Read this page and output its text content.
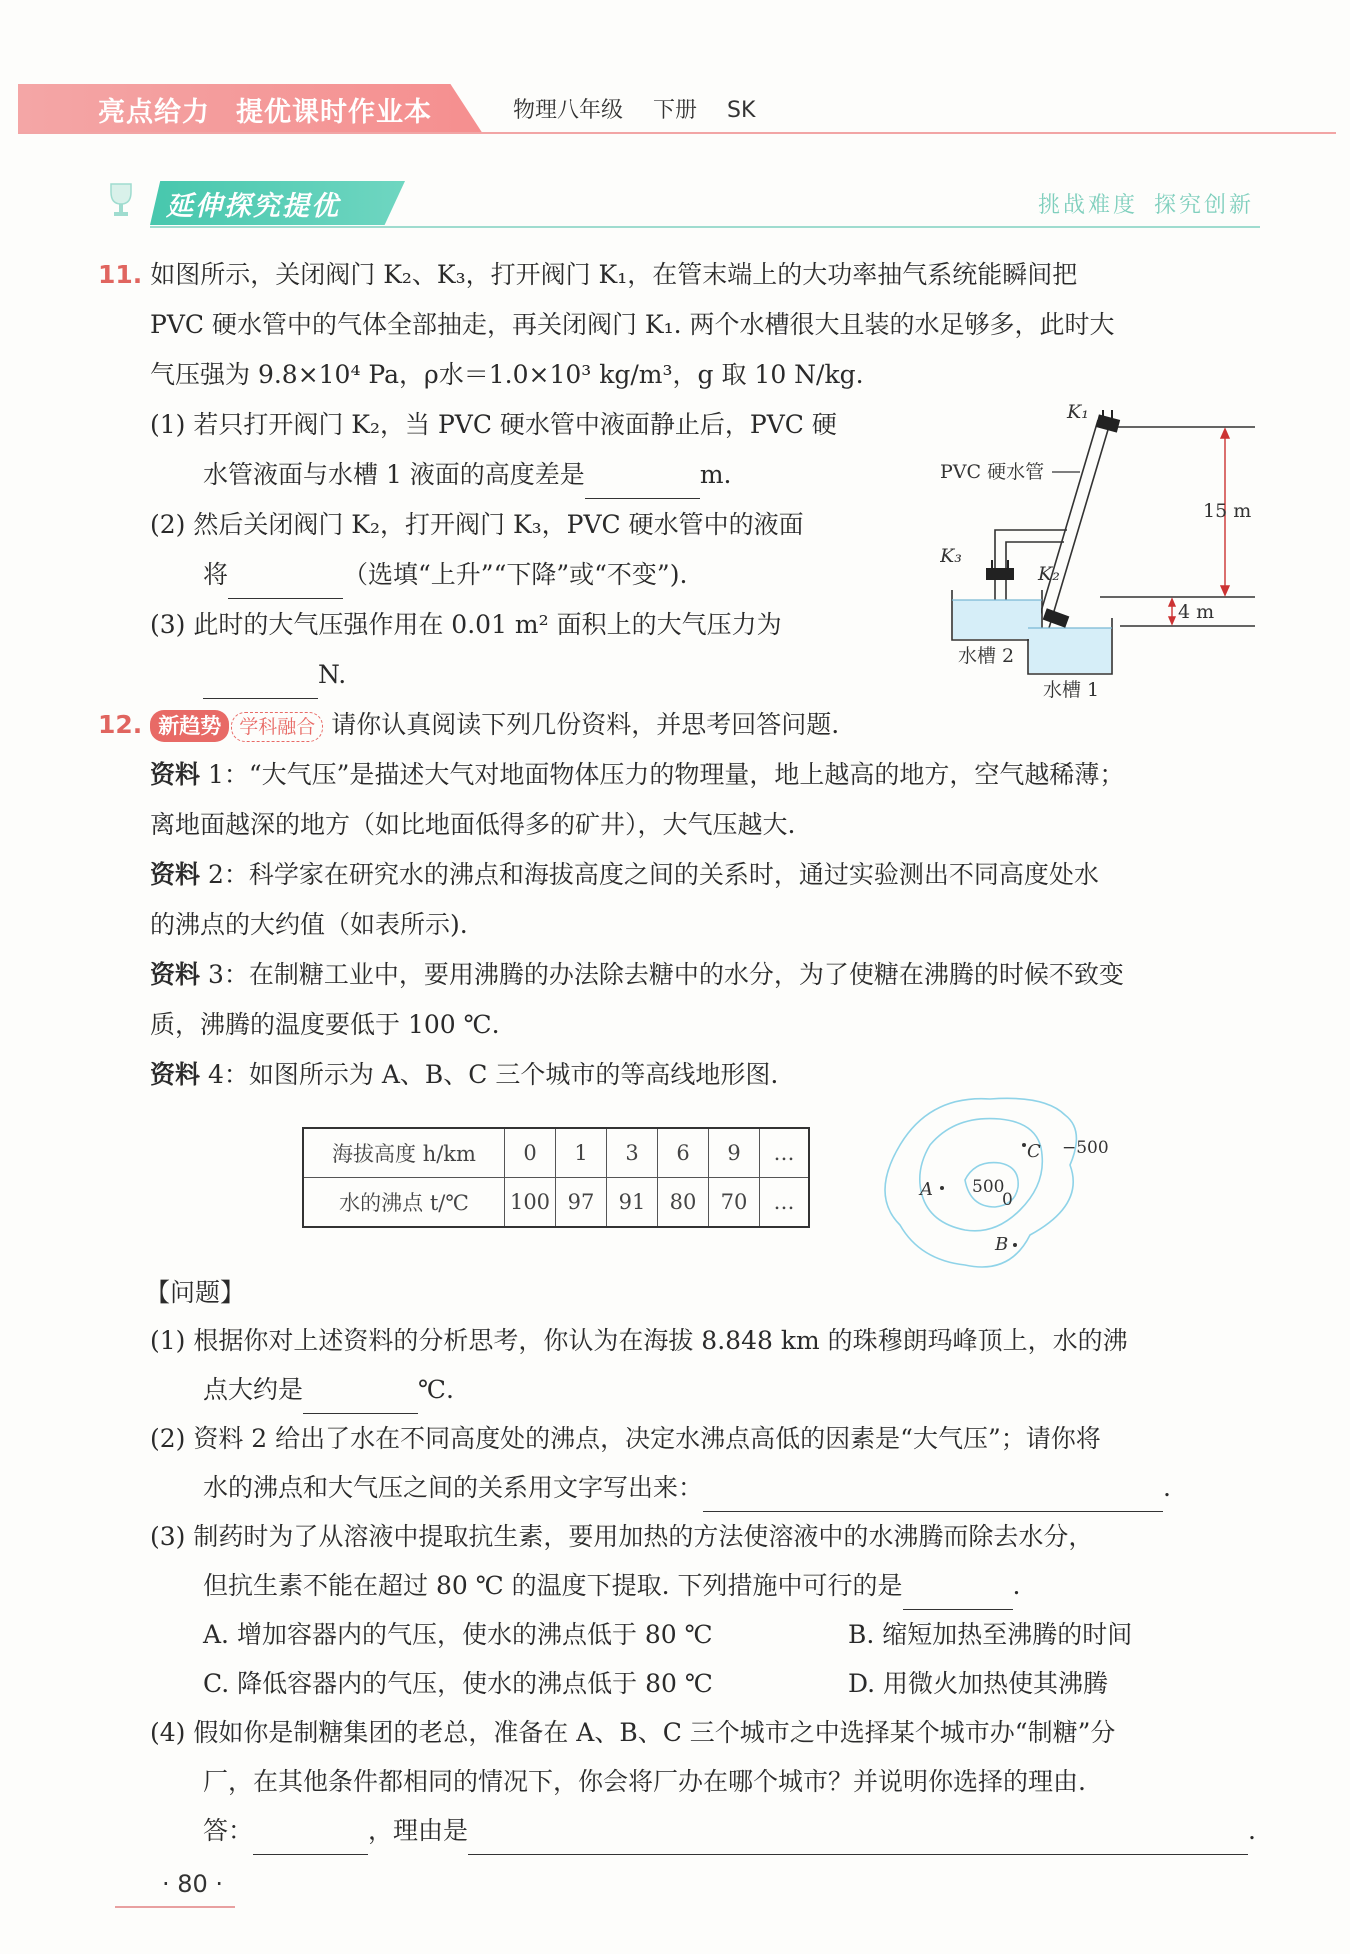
亮点给力 提优课时作业本	物理八年级 下册 SK
延伸探究提优	挑战难度 探究创新
11. 如图所示，关闭阀门 K₂、K₃，打开阀门 K₁，在管末端上的大功率抽气系统能瞬间把
PVC 硬水管中的气体全部抽走，再关闭阀门 K₁. 两个水槽很大且装的水足够多，此时大
气压强为 9.8×10⁴ Pa，ρ水＝1.0×10³ kg/m³，g 取 10 N/kg.
(1) 若只打开阀门 K₂，当 PVC 硬水管中液面静止后，PVC 硬
水管液面与水槽 1 液面的高度差是	m.
(2) 然后关闭阀门 K₂，打开阀门 K₃，PVC 硬水管中的液面
将	（选填“上升”“下降”或“不变”).
(3) 此时的大气压强作用在 0.01 m² 面积上的大气压力为
N.
K₁
PVC 硬水管
15 m
K₃
K₂
4 m
水槽 2
水槽 1
12. 新趋势 学科融合 请你认真阅读下列几份资料，并思考回答问题.
资料 1：“大气压”是描述大气对地面物体压力的物理量，地上越高的地方，空气越稀薄；
离地面越深的地方（如比地面低得多的矿井），大气压越大.
资料 2：科学家在研究水的沸点和海拔高度之间的关系时，通过实验测出不同高度处水
的沸点的大约值（如表所示).
资料 3：在制糖工业中，要用沸腾的办法除去糖中的水分，为了使糖在沸腾的时候不致变
质，沸腾的温度要低于 100 ℃.
资料 4：如图所示为 A、B、C 三个城市的等高线地形图.
海拔高度 h/km	0	1	3	6	9	…
水的沸点 t/℃	100	97	91	80	70	…
A 500
0
C −500
B
【问题】
(1) 根据你对上述资料的分析思考，你认为在海拔 8.848 km 的珠穆朗玛峰顶上，水的沸
点大约是	℃.
(2) 资料 2 给出了水在不同高度处的沸点，决定水沸点高低的因素是“大气压”；请你将
水的沸点和大气压之间的关系用文字写出来：	.
(3) 制药时为了从溶液中提取抗生素，要用加热的方法使溶液中的水沸腾而除去水分，
但抗生素不能在超过 80 ℃ 的温度下提取. 下列措施中可行的是	.
A. 增加容器内的气压，使水的沸点低于 80 ℃	B. 缩短加热至沸腾的时间
C. 降低容器内的气压，使水的沸点低于 80 ℃	D. 用微火加热使其沸腾
(4) 假如你是制糖集团的老总，准备在 A、B、C 三个城市之中选择某个城市办“制糖”分
厂，在其他条件都相同的情况下，你会将厂办在哪个城市？并说明你选择的理由.
答：	，理由是	.
· 80 ·
